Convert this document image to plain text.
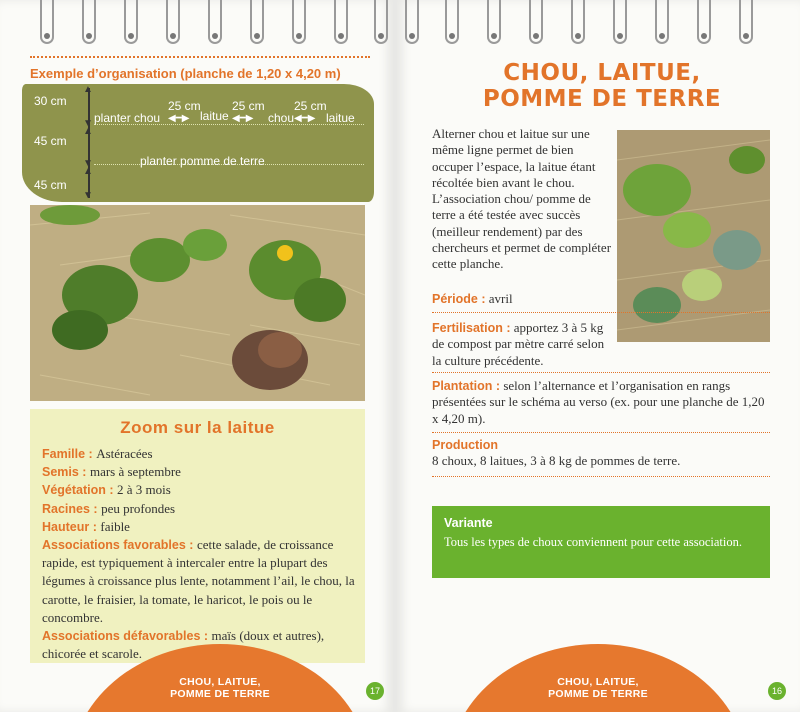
Exemple d’organisation (planche de 1,20 x 4,20 m)
30 cm
45 cm
45 cm
▲
▼
▲
▼
▲
▼
planter chou
25 cm
◀━▶ laitue
25 cm
◀━▶ chou
25 cm
◀━▶ laitue
planter pomme de terre
Zoom sur la laitue
Famille : Astéracées
Semis : mars à septembre
Végétation : 2 à 3 mois
Racines : peu profondes
Hauteur : faible
Associations favorables : cette salade, de croissance rapide, est typiquement à intercaler entre la plupart des légumes à croissance plus lente, notamment l’ail, le chou, la carotte, le fraisier, la tomate, le haricot, le pois ou le concombre.
Associations défavorables : maïs (doux et autres), chicorée et scarole.
CHOU, LAITUE,
POMME DE TERRE	17
CHOU, LAITUE,
POMME DE TERRE
Alterner chou et laitue sur une même ligne permet de bien occuper l’espace, la laitue étant récoltée bien avant le chou. L’association chou/ pomme de terre a été testée avec succès (meilleur rendement) par des chercheurs et permet de compléter cette planche.
Période : avril
Fertilisation : apportez 3 à 5 kg de compost par mètre carré selon la culture précédente.
Plantation : selon l’alternance et l’organisation en rangs présentées sur le schéma au verso (ex. pour une planche de 1,20 x 4,20 m).
Production
8 choux, 8 laitues, 3 à 8 kg de pommes de terre.
Variante
Tous les types de choux conviennent pour cette association.
CHOU, LAITUE,
POMME DE TERRE	16
